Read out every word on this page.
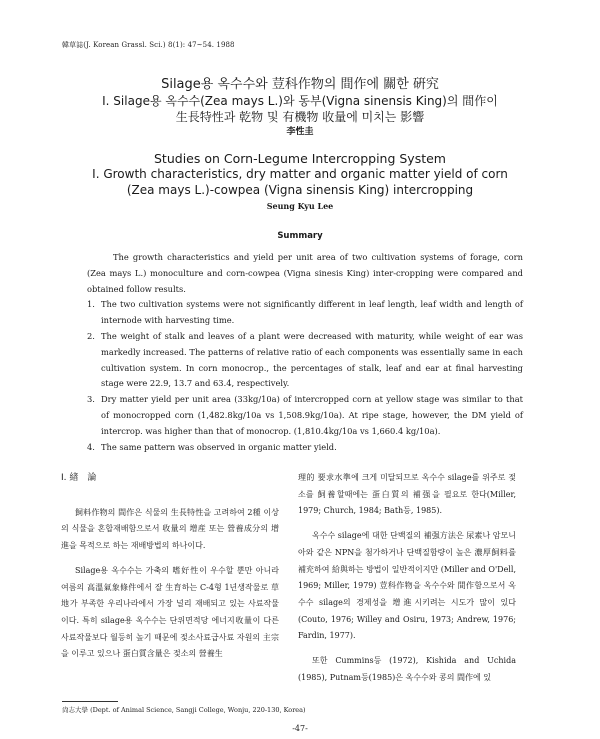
韓草誌(J. Korean Grassl. Sci.) 8(1): 47~54. 1988
Silage용 옥수수와 荳科作物의 間作에 關한 硏究
Ⅰ. Silage용 옥수수(Zea mays L.)와 동부(Vigna sinensis King)의 間作이
生長特性과 乾物 및 有機物 收量에 미치는 影響
李性圭
Studies on Corn-Legume Intercropping System
Ⅰ. Growth characteristics, dry matter and organic matter yield of corn
(Zea mays L.)-cowpea (Vigna sinensis King) intercropping
Seung Kyu Lee
Summary

The growth characteristics and yield per unit area of two cultivation systems of forage, corn (Zea mays L.) monoculture and corn-cowpea (Vigna sinesis King) inter-cropping were compared and obtained follow results.

1. The two cultivation systems were not significantly different in leaf length, leaf width and length of internode with harvesting time.
2. The weight of stalk and leaves of a plant were decreased with maturity, while weight of ear was markedly increased. The patterns of relative ratio of each components was essentially same in each cultivation system. In corn monocrop., the percentages of stalk, leaf and ear at final harvesting stage were 22.9, 13.7 and 63.4, respectively.
3. Dry matter yield per unit area (33kg/10a) of intercropped corn at yellow stage was similar to that of monocropped corn (1,482.8kg/10a vs 1,508.9kg/10a). At ripe stage, however, the DM yield of intercrop. was higher than that of monocrop. (1,810.4kg/10a vs 1,660.4 kg/10a).
4. The same pattern was observed in organic matter yield.
Ⅰ. 緖　論

飼料作物의 間作은 식물의 生長特性을 고려하여 2種 이상의 식물을 혼합재배함으로서 收量의 增産 또는 營養成分의 增進을 목적으로 하는 재배방법의 하나이다.

Silage용 옥수수는 가축의 嗜好性이 우수할 뿐만 아니라 여름의 高溫氣象條件에서 잘 生育하는 C-4형 1년생작물로 草地가 부족한 우리나라에서 가장 널리 재배되고 있는 사료작물이다. 특히 silage용 옥수수는 단위면적당 에너지收量이 다른 사료작물보다 월등히 높기 때문에 젖소사료급사료 자원의 主宗을 이루고 있으나 蛋白質含量은 젖소의 營養生

理的 要求水準에 크게 미달되므로 옥수수 silage를 위주로 젖소를 飼養할때에는 蛋白質의 補强을 필요로 한다(Miller, 1979; Church, 1984; Bath등, 1985).

옥수수 silage에 대한 단백질의 補强方法은 尿素나 암모니아와 같은 NPN을 첨가하거나 단백질함량이 높은 濃厚飼料를 補充하여 給與하는 방법이 일반적이지만 (Miller and O'Dell, 1969; Miller, 1979) 荳科作物을 옥수수와 間作함으로서 옥수수 silage의 경제성을 增進시키려는 시도가 많이 있다(Couto, 1976; Willey and Osiru, 1973; Andrew, 1976; Fardin, 1977).

또한 Cummins등 (1972), Kishida and Uchida (1985), Putnam등(1985)은 옥수수와 콩의 間作에 있

尙志大學 (Dept. of Animal Science, Sangji College, Wonju, 220-130, Korea)
-47-
